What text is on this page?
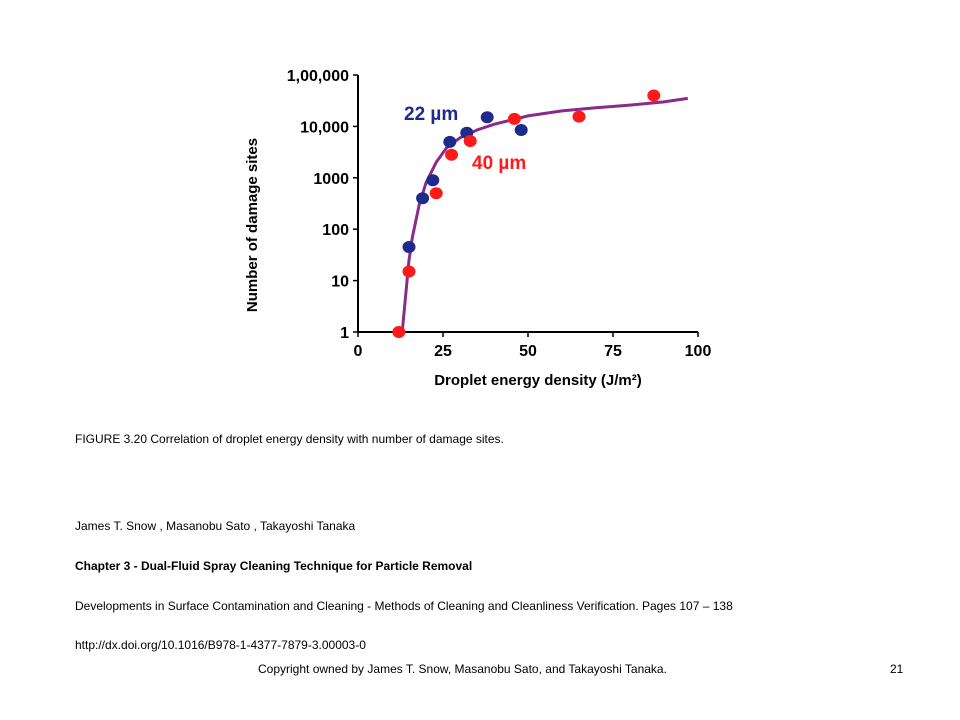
0	25	50	75	100
1
10
100
1000
10,000
1,00,000
22 µm
40 µm
Droplet energy density (J/m²)
Number of damage sites
FIGURE 3.20 Correlation of droplet energy density with number of damage sites.
James T. Snow , Masanobu Sato , Takayoshi Tanaka
Chapter 3 - Dual-Fluid Spray Cleaning Technique for Particle Removal
Developments in Surface Contamination and Cleaning - Methods of Cleaning and Cleanliness Verification. Pages 107 – 138
http://dx.doi.org/10.1016/B978-1-4377-7879-3.00003-0
Copyright owned by James T. Snow, Masanobu Sato, and Takayoshi Tanaka.	21
